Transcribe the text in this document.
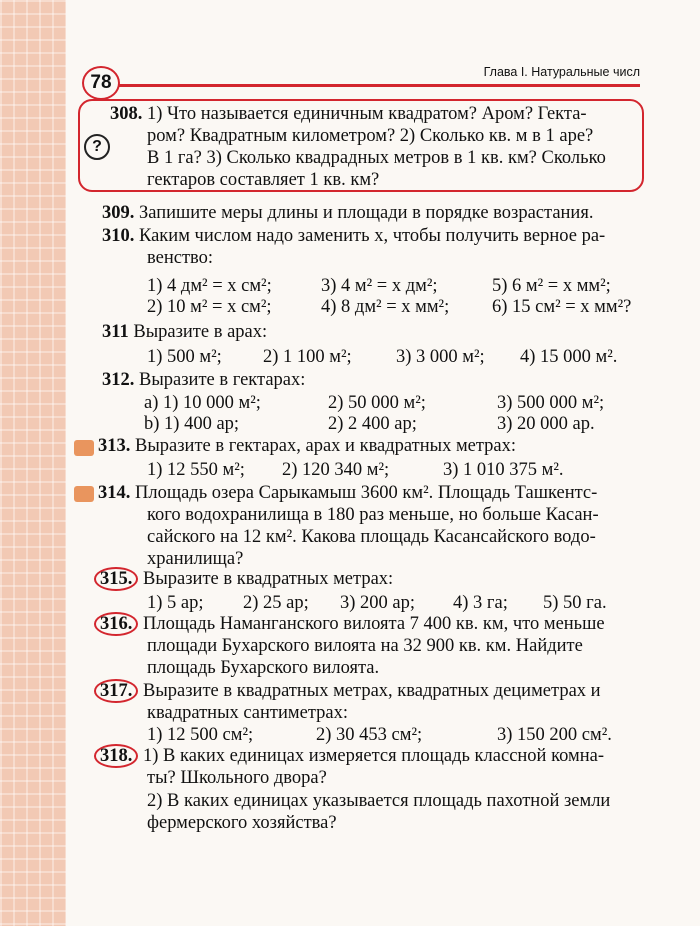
78	Глава I. Натуральные числ
?
308. 1) Что называется единичным квадратом? Аром? Гекта-
ром? Квадратным километром? 2) Сколько кв. м в 1 аре?
В 1 га? 3) Сколько квадрадных метров в 1 кв. км? Сколько
гектаров составляет 1 кв. км?
309. Запишите меры длины и площади в порядке возрастания.
310. Каким числом надо заменить x, чтобы получить верное ра-
венство:
1) 4 дм² = x см²;	3) 4 м² = x дм²;	5) 6 м² = x мм²;
2) 10 м² = x см²;	4) 8 дм² = x мм²; 6) 15 см² = x мм²?
311 Выразите в арах:
1) 500 м²; 2) 1 100 м²; 3) 3 000 м²; 4) 15 000 м².
312. Выразите в гектарах:
a) 1) 10 000 м²;	2) 50 000 м²;	3) 500 000 м²;
b) 1) 400 ар;	2) 2 400 ар;	3) 20 000 ар.
313. Выразите в гектарах, арах и квадратных метрах:
1) 12 550 м²; 2) 120 340 м²;	3) 1 010 375 м².
314. Площадь озера Сарыкамыш 3600 км². Площадь Ташкентс-
кого водохранилища в 180 раз меньше, но больше Касан-
сайского на 12 км². Какова площадь Касансайского водо-
хранилища?
315. Выразите в квадратных метрах:
1) 5 ар; 2) 25 ар; 3) 200 ар; 4) 3 га; 5) 50 га.
316. Площадь Наманганского вилоята 7 400 кв. км, что меньше
площади Бухарского вилоята на 32 900 кв. км. Найдите
площадь Бухарского вилоята.
317. Выразите в квадратных метрах, квадратных дециметрах и
квадратных сантиметрах:
1) 12 500 см²;	2) 30 453 см²;	3) 150 200 см².
318. 1) В каких единицах измеряется площадь классной комна-
ты? Школьного двора?
2) В каких единицах указывается площадь пахотной земли
фермерского хозяйства?
